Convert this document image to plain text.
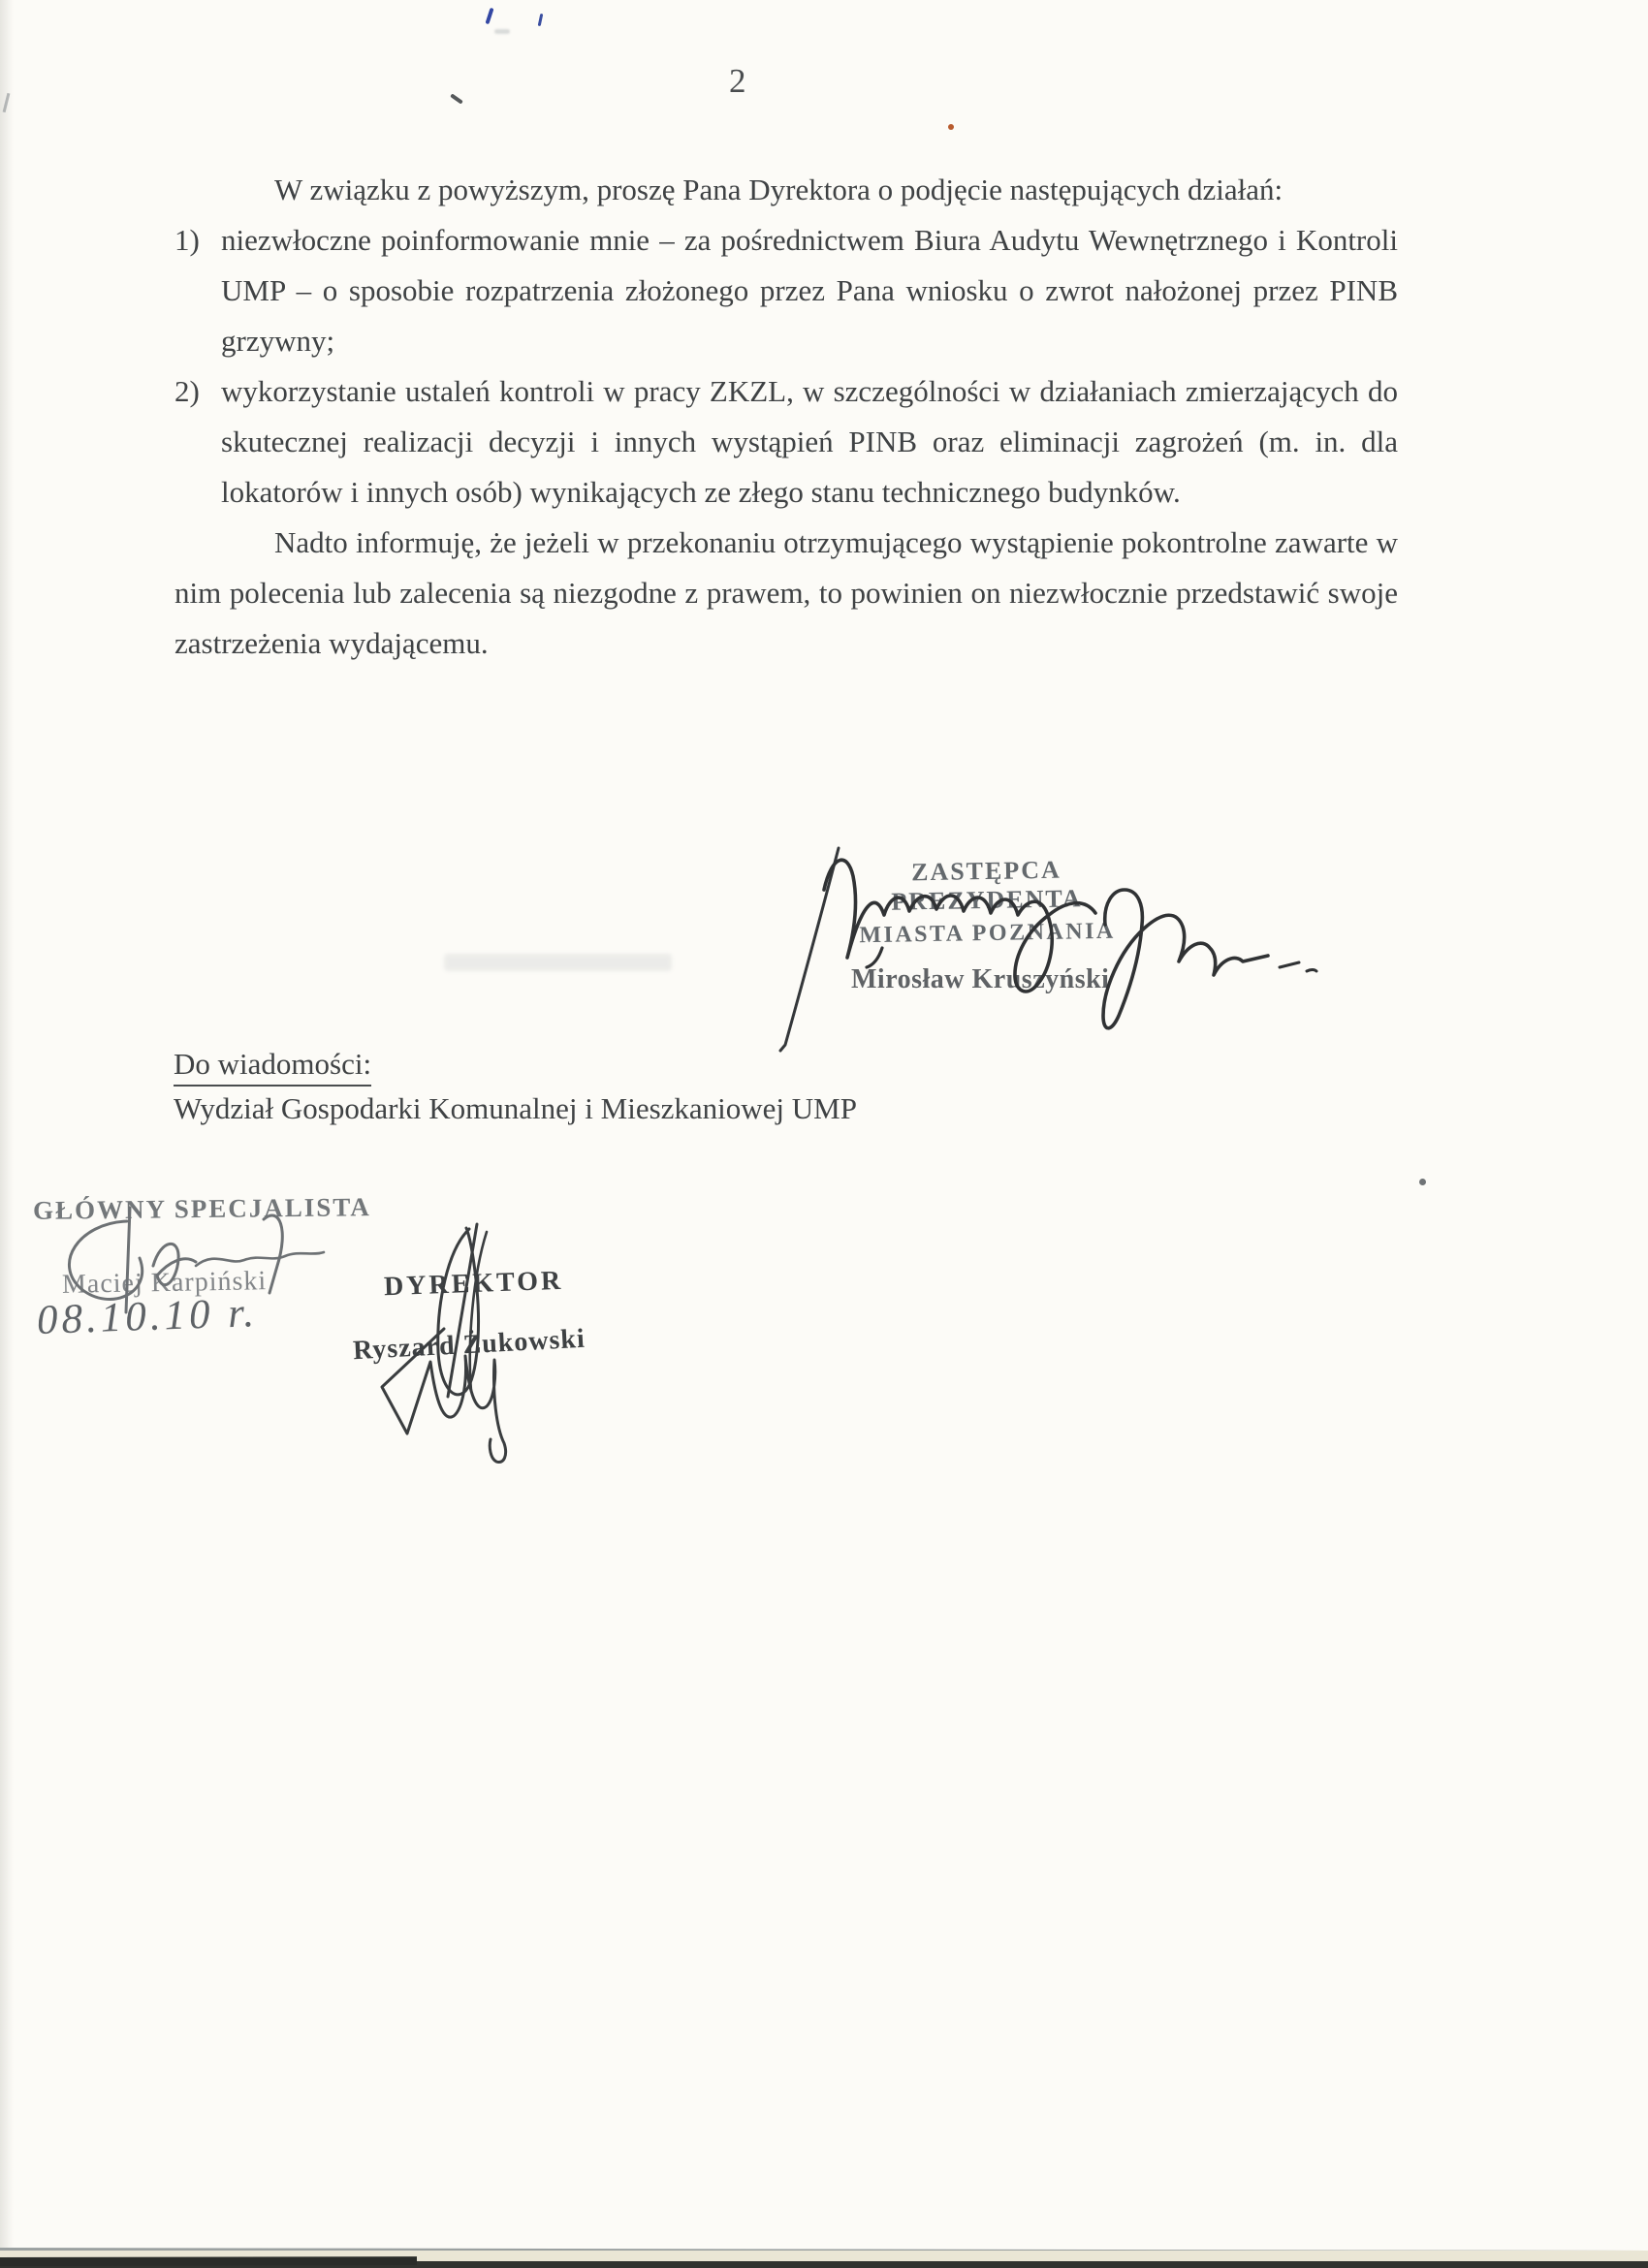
2

W związku z powyższym, proszę Pana Dyrektora o podjęcie następujących działań:

1) niezwłoczne poinformowanie mnie – za pośrednictwem Biura Audytu Wewnętrznego i Kontroli UMP – o sposobie rozpatrzenia złożonego przez Pana wniosku o zwrot nałożonej przez PINB grzywny;
2) wykorzystanie ustaleń kontroli w pracy ZKZL, w szczególności w działaniach zmierzających do skutecznej realizacji decyzji i innych wystąpień PINB oraz eliminacji zagrożeń (m. in. dla lokatorów i innych osób) wynikających ze złego stanu technicznego budynków.

Nadto informuję, że jeżeli w przekonaniu otrzymującego wystąpienie pokontrolne zawarte w nim polecenia lub zalecenia są niezgodne z prawem, to powinien on niezwłocznie przedstawić swoje zastrzeżenia wydającemu.

ZASTĘPCA PREZYDENTA
MIASTA POZNANIA
Mirosław Kruszyński
Do wiadomości:
Wydział Gospodarki Komunalnej i Mieszkaniowej UMP
GŁÓWNY SPECJALISTA
Maciej Karpiński
08.10.10 r.
DYREKTOR
Ryszard Żukowski
